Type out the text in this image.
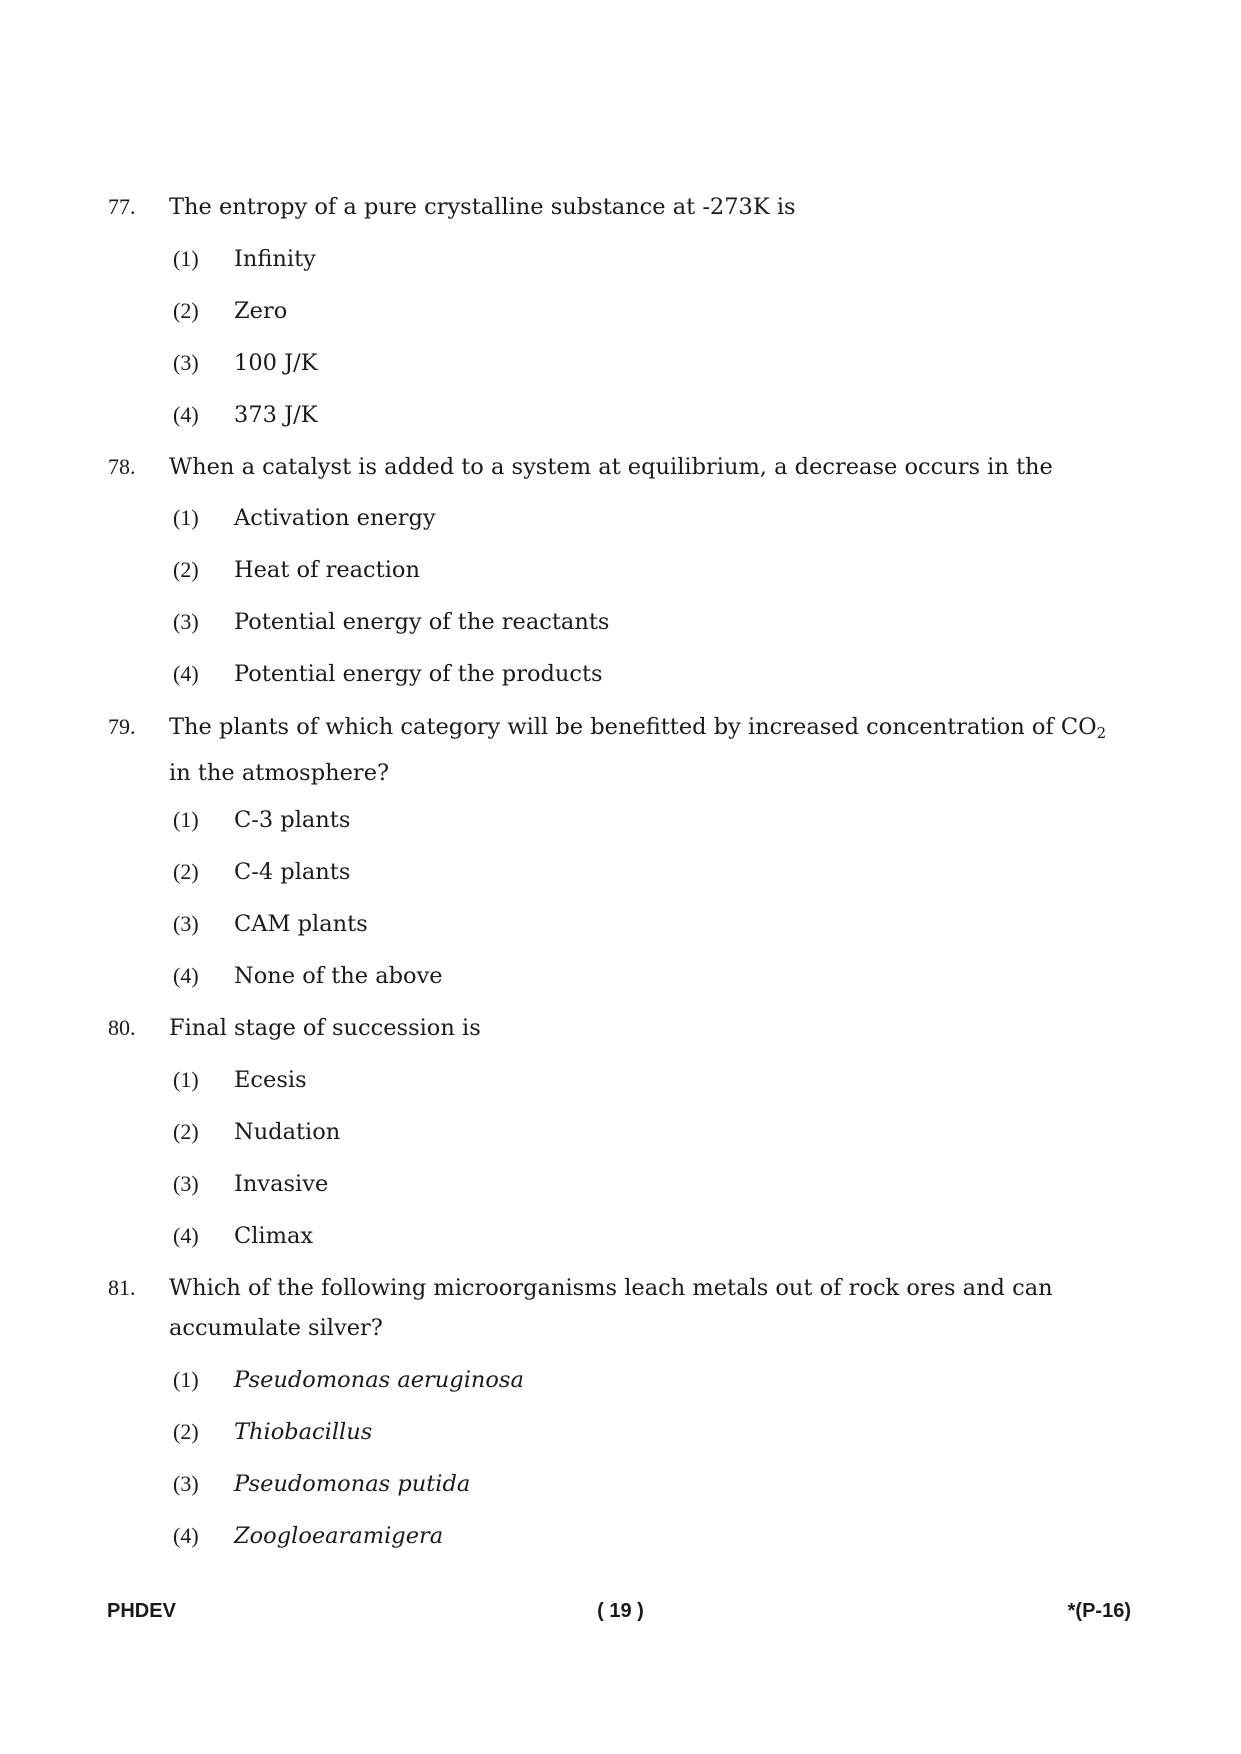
77. The entropy of a pure crystalline substance at -273K is
(1) Infinity
(2) Zero
(3) 100 J/K
(4) 373 J/K
78. When a catalyst is added to a system at equilibrium, a decrease occurs in the
(1) Activation energy
(2) Heat of reaction
(3) Potential energy of the reactants
(4) Potential energy of the products
79. The plants of which category will be benefitted by increased concentration of $CO_2$
in the atmosphere?
(1) C-3 plants
(2) C-4 plants
(3) CAM plants
(4) None of the above
80. Final stage of succession is
(1) Ecesis
(2) Nudation
(3) Invasive
(4) Climax
81. Which of the following microorganisms leach metals out of rock ores and can
accumulate silver?
(1) Pseudomonas aeruginosa
(2) Thiobacillus
(3) Pseudomonas putida
(4) Zoogloearamigera
PHDEV	( 19 )	*(P-16)
